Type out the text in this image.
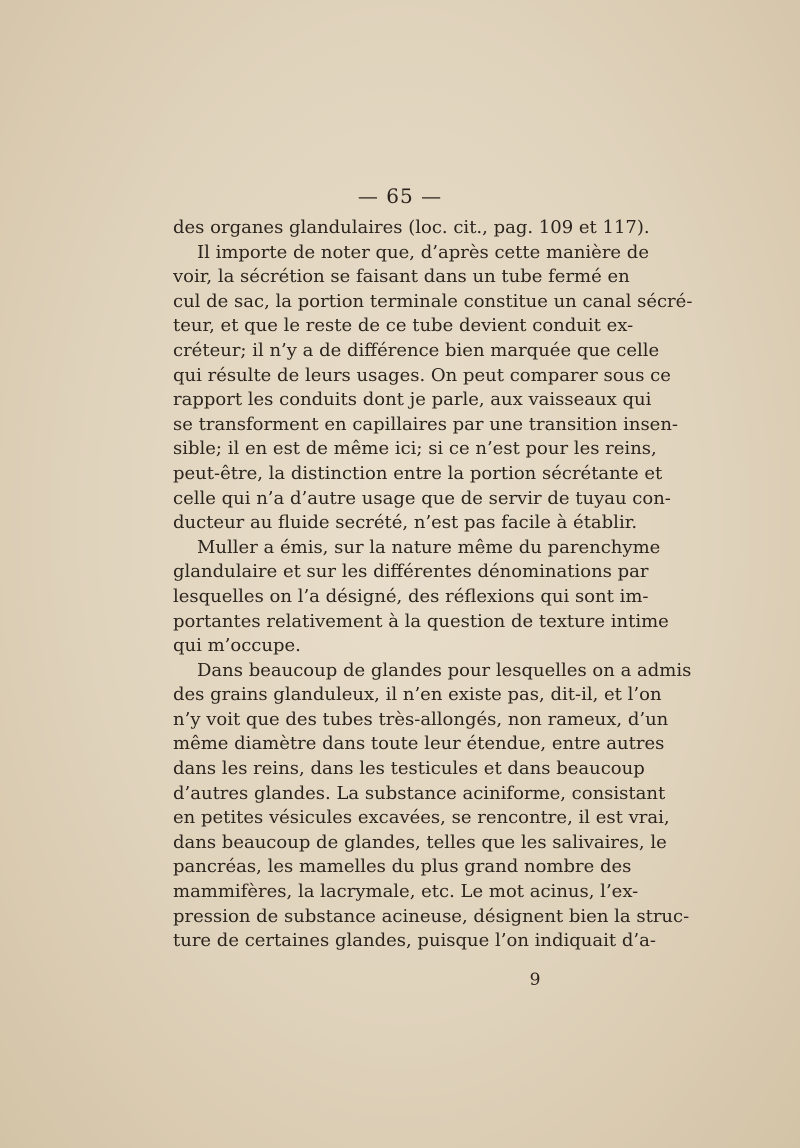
— 65 —
des organes glandulaires (loc. cit., pag. 109 et 117).
Il importe de noter que, d’après cette manière de
voir, la sécrétion se faisant dans un tube fermé en
cul de sac, la portion terminale constitue un canal sécré-
teur, et que le reste de ce tube devient conduit ex-
créteur; il n’y a de différence bien marquée que celle
qui résulte de leurs usages. On peut comparer sous ce
rapport les conduits dont je parle, aux vaisseaux qui
se transforment en capillaires par une transition insen-
sible; il en est de même ici; si ce n’est pour les reins,
peut-être, la distinction entre la portion sécrétante et
celle qui n’a d’autre usage que de servir de tuyau con-
ducteur au fluide secrété, n’est pas facile à établir.
Muller a émis, sur la nature même du parenchyme
glandulaire et sur les différentes dénominations par
lesquelles on l’a désigné, des réflexions qui sont im-
portantes relativement à la question de texture intime
qui m’occupe.
Dans beaucoup de glandes pour lesquelles on a admis
des grains glanduleux, il n’en existe pas, dit-il, et l’on
n’y voit que des tubes très-allongés, non rameux, d’un
même diamètre dans toute leur étendue, entre autres
dans les reins, dans les testicules et dans beaucoup
d’autres glandes. La substance aciniforme, consistant
en petites vésicules excavées, se rencontre, il est vrai,
dans beaucoup de glandes, telles que les salivaires, le
pancréas, les mamelles du plus grand nombre des
mammifères, la lacrymale, etc. Le mot acinus, l’ex-
pression de substance acineuse, désignent bien la struc-
ture de certaines glandes, puisque l’on indiquait d’a-
9
